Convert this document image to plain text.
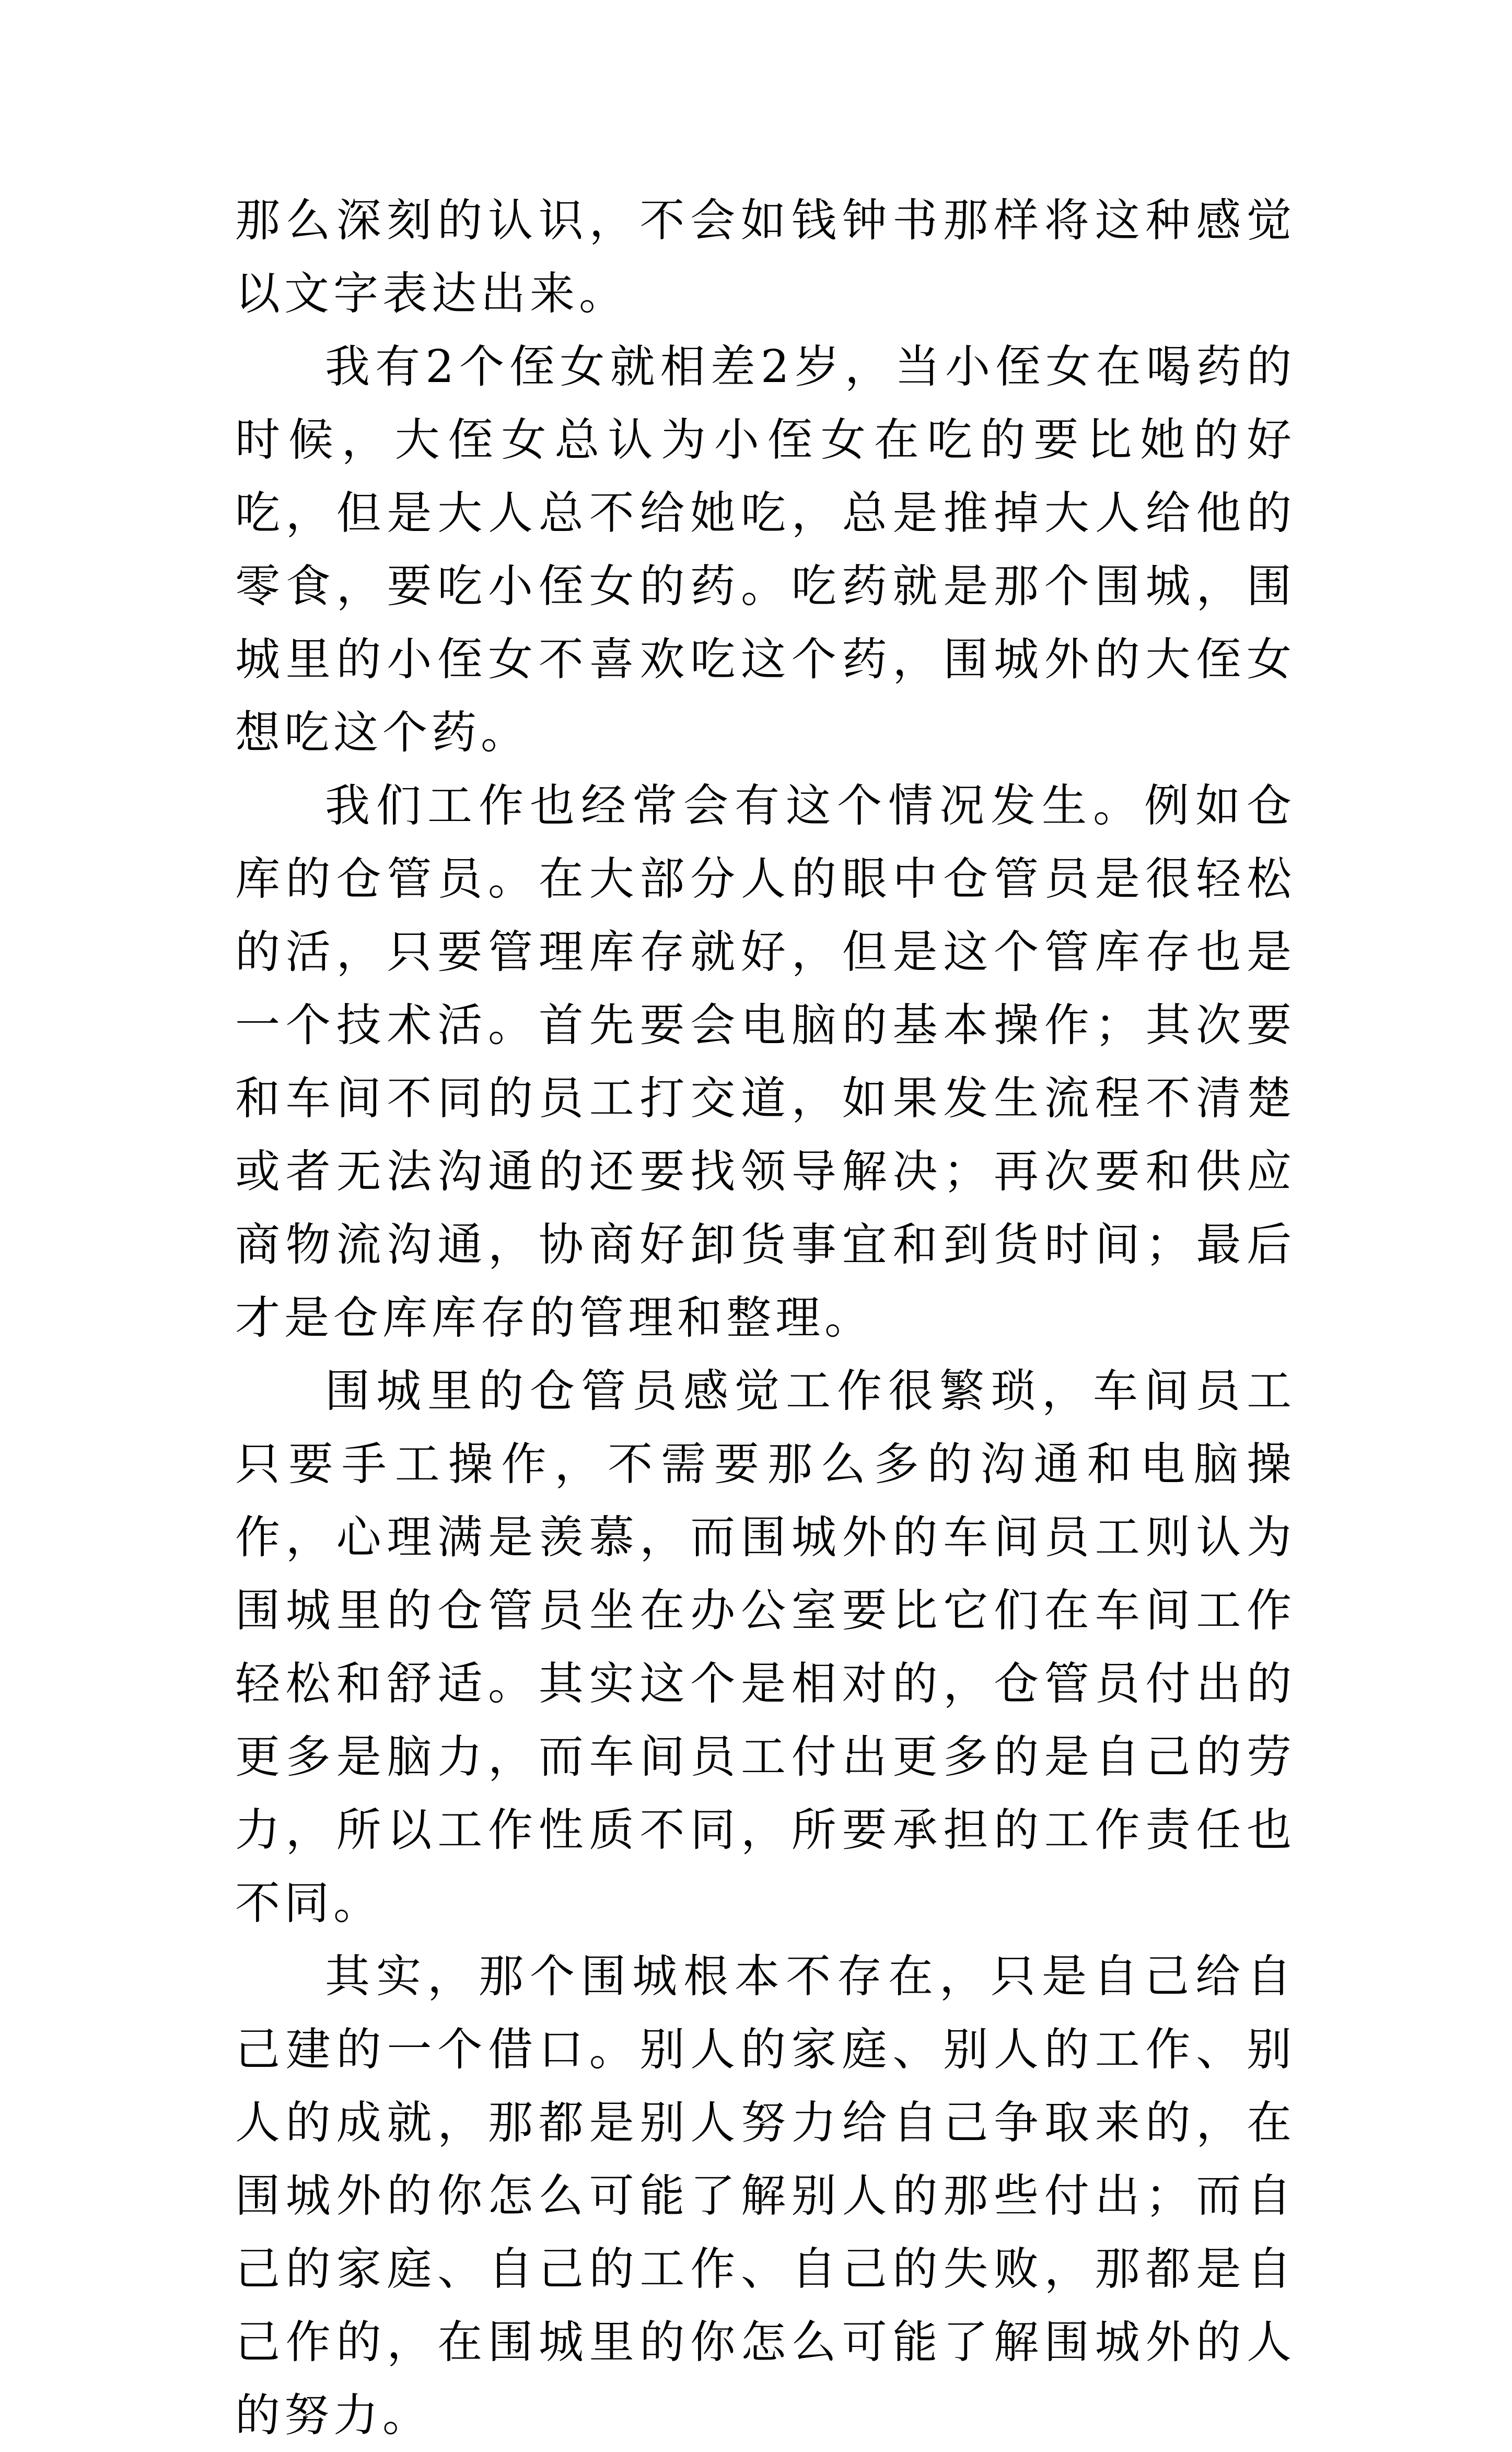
那么深刻的认识，不会如钱钟书那样将这种感觉以文字表达出来。

我有2个侄女就相差2岁，当小侄女在喝药的时候，大侄女总认为小侄女在吃的要比她的好吃，但是大人总不给她吃，总是推掉大人给他的零食，要吃小侄女的药。吃药就是那个围城，围城里的小侄女不喜欢吃这个药，围城外的大侄女想吃这个药。

我们工作也经常会有这个情况发生。例如仓库的仓管员。在大部分人的眼中仓管员是很轻松的活，只要管理库存就好，但是这个管库存也是一个技术活。首先要会电脑的基本操作；其次要和车间不同的员工打交道，如果发生流程不清楚或者无法沟通的还要找领导解决；再次要和供应商物流沟通，协商好卸货事宜和到货时间；最后才是仓库库存的管理和整理。

围城里的仓管员感觉工作很繁琐，车间员工只要手工操作，不需要那么多的沟通和电脑操作，心理满是羡慕，而围城外的车间员工则认为围城里的仓管员坐在办公室要比它们在车间工作轻松和舒适。其实这个是相对的，仓管员付出的更多是脑力，而车间员工付出更多的是自己的劳力，所以工作性质不同，所要承担的工作责任也不同。

其实，那个围城根本不存在，只是自己给自己建的一个借口。别人的家庭、别人的工作、别人的成就，那都是别人努力给自己争取来的，在围城外的你怎么可能了解别人的那些付出；而自己的家庭、自己的工作、自己的失败，那都是自己作的，在围城里的你怎么可能了解围城外的人的努力。
